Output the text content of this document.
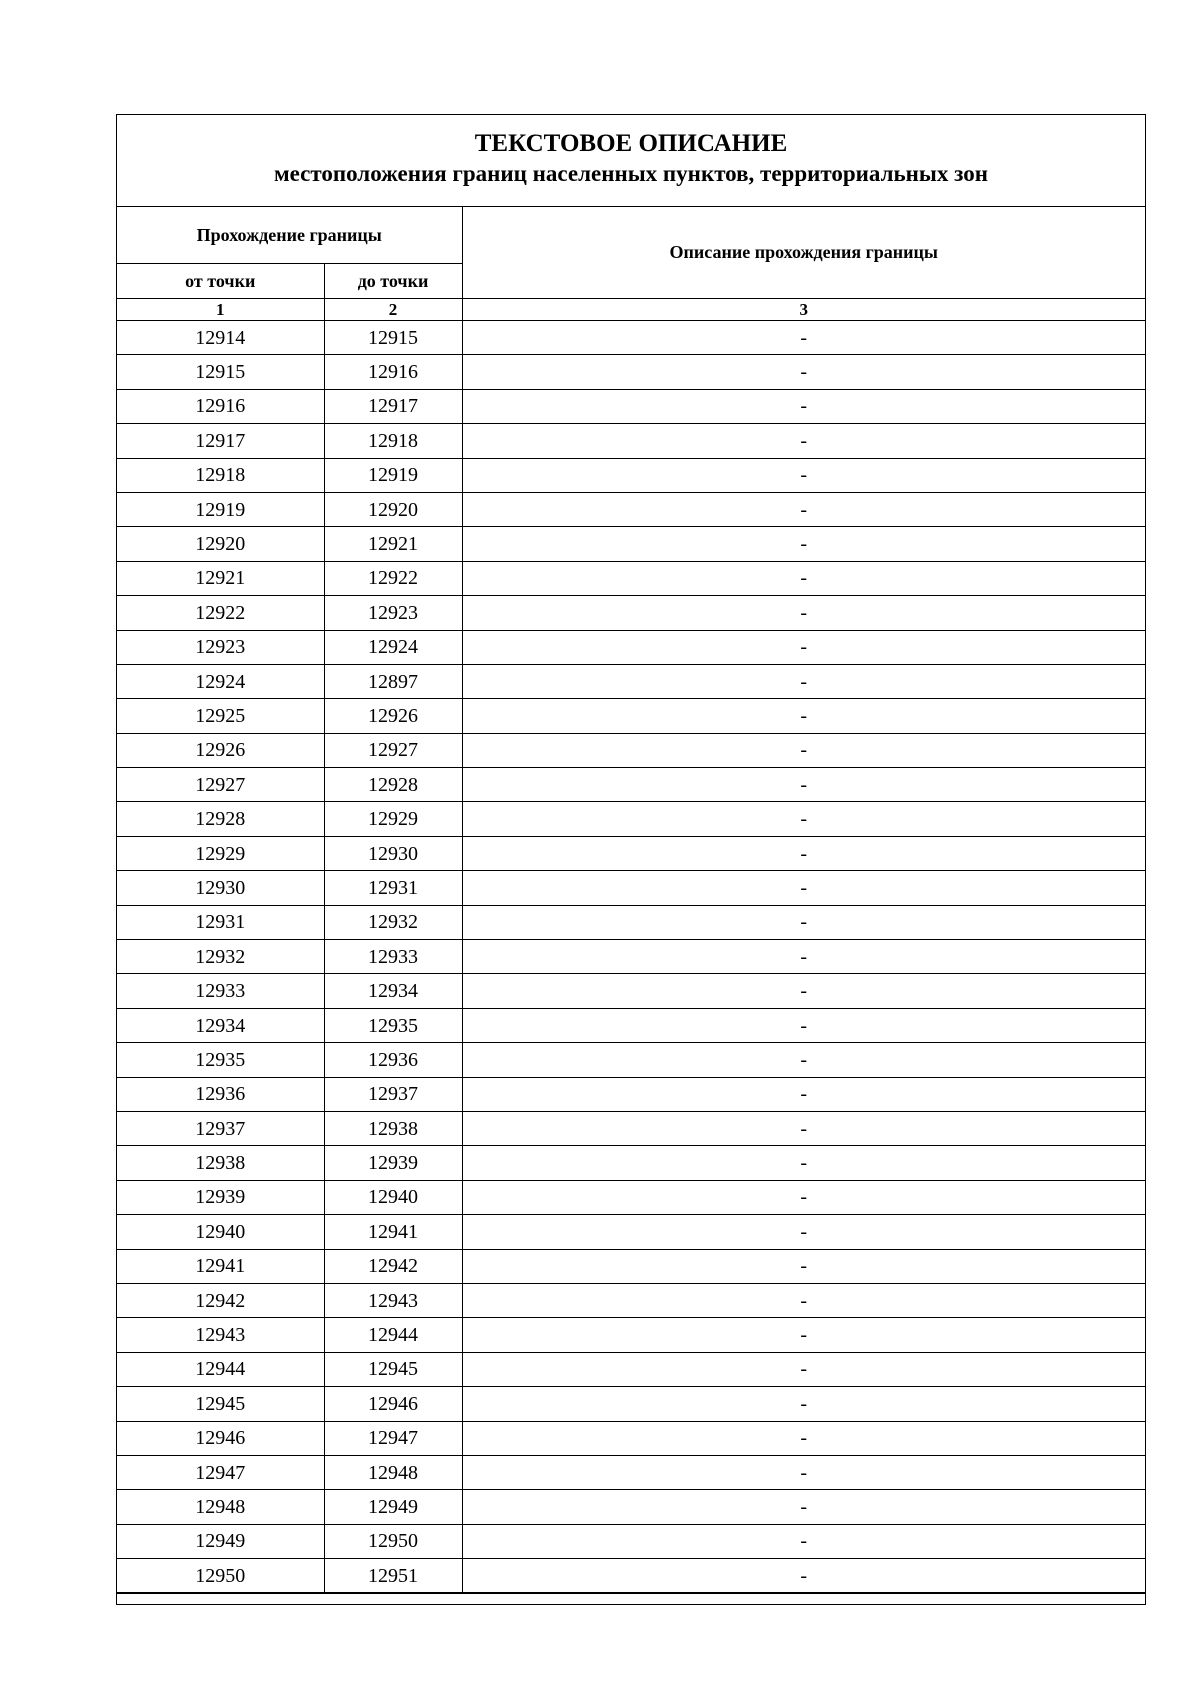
ТЕКСТОВОЕ ОПИСАНИЕ
местоположения границ населенных пунктов, территориальных зон
Прохождение границы		Описание прохождения границы
от точки	до точки	
1	2	3
12914	12915	-
12915	12916	-
12916	12917	-
12917	12918	-
12918	12919	-
12919	12920	-
12920	12921	-
12921	12922	-
12922	12923	-
12923	12924	-
12924	12897	-
12925	12926	-
12926	12927	-
12927	12928	-
12928	12929	-
12929	12930	-
12930	12931	-
12931	12932	-
12932	12933	-
12933	12934	-
12934	12935	-
12935	12936	-
12936	12937	-
12937	12938	-
12938	12939	-
12939	12940	-
12940	12941	-
12941	12942	-
12942	12943	-
12943	12944	-
12944	12945	-
12945	12946	-
12946	12947	-
12947	12948	-
12948	12949	-
12949	12950	-
12950	12951	-
